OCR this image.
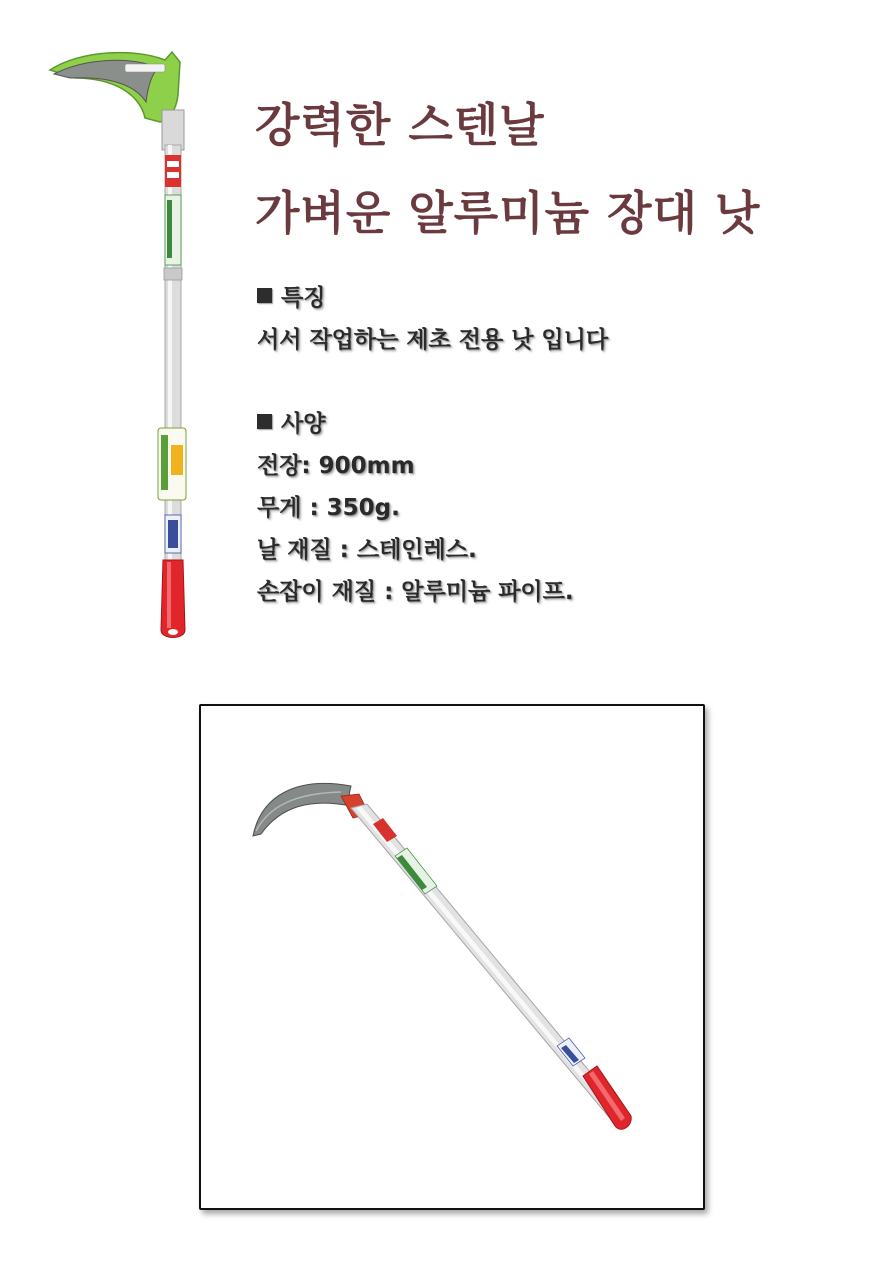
강력한 스텐날
가벼운 알루미늄 장대 낫
특징
서서 작업하는 제초 전용 낫 입니다
사양
전장: 900mm
무게 : 350g.
날 재질 : 스테인레스.
손잡이 재질 : 알루미늄 파이프.
